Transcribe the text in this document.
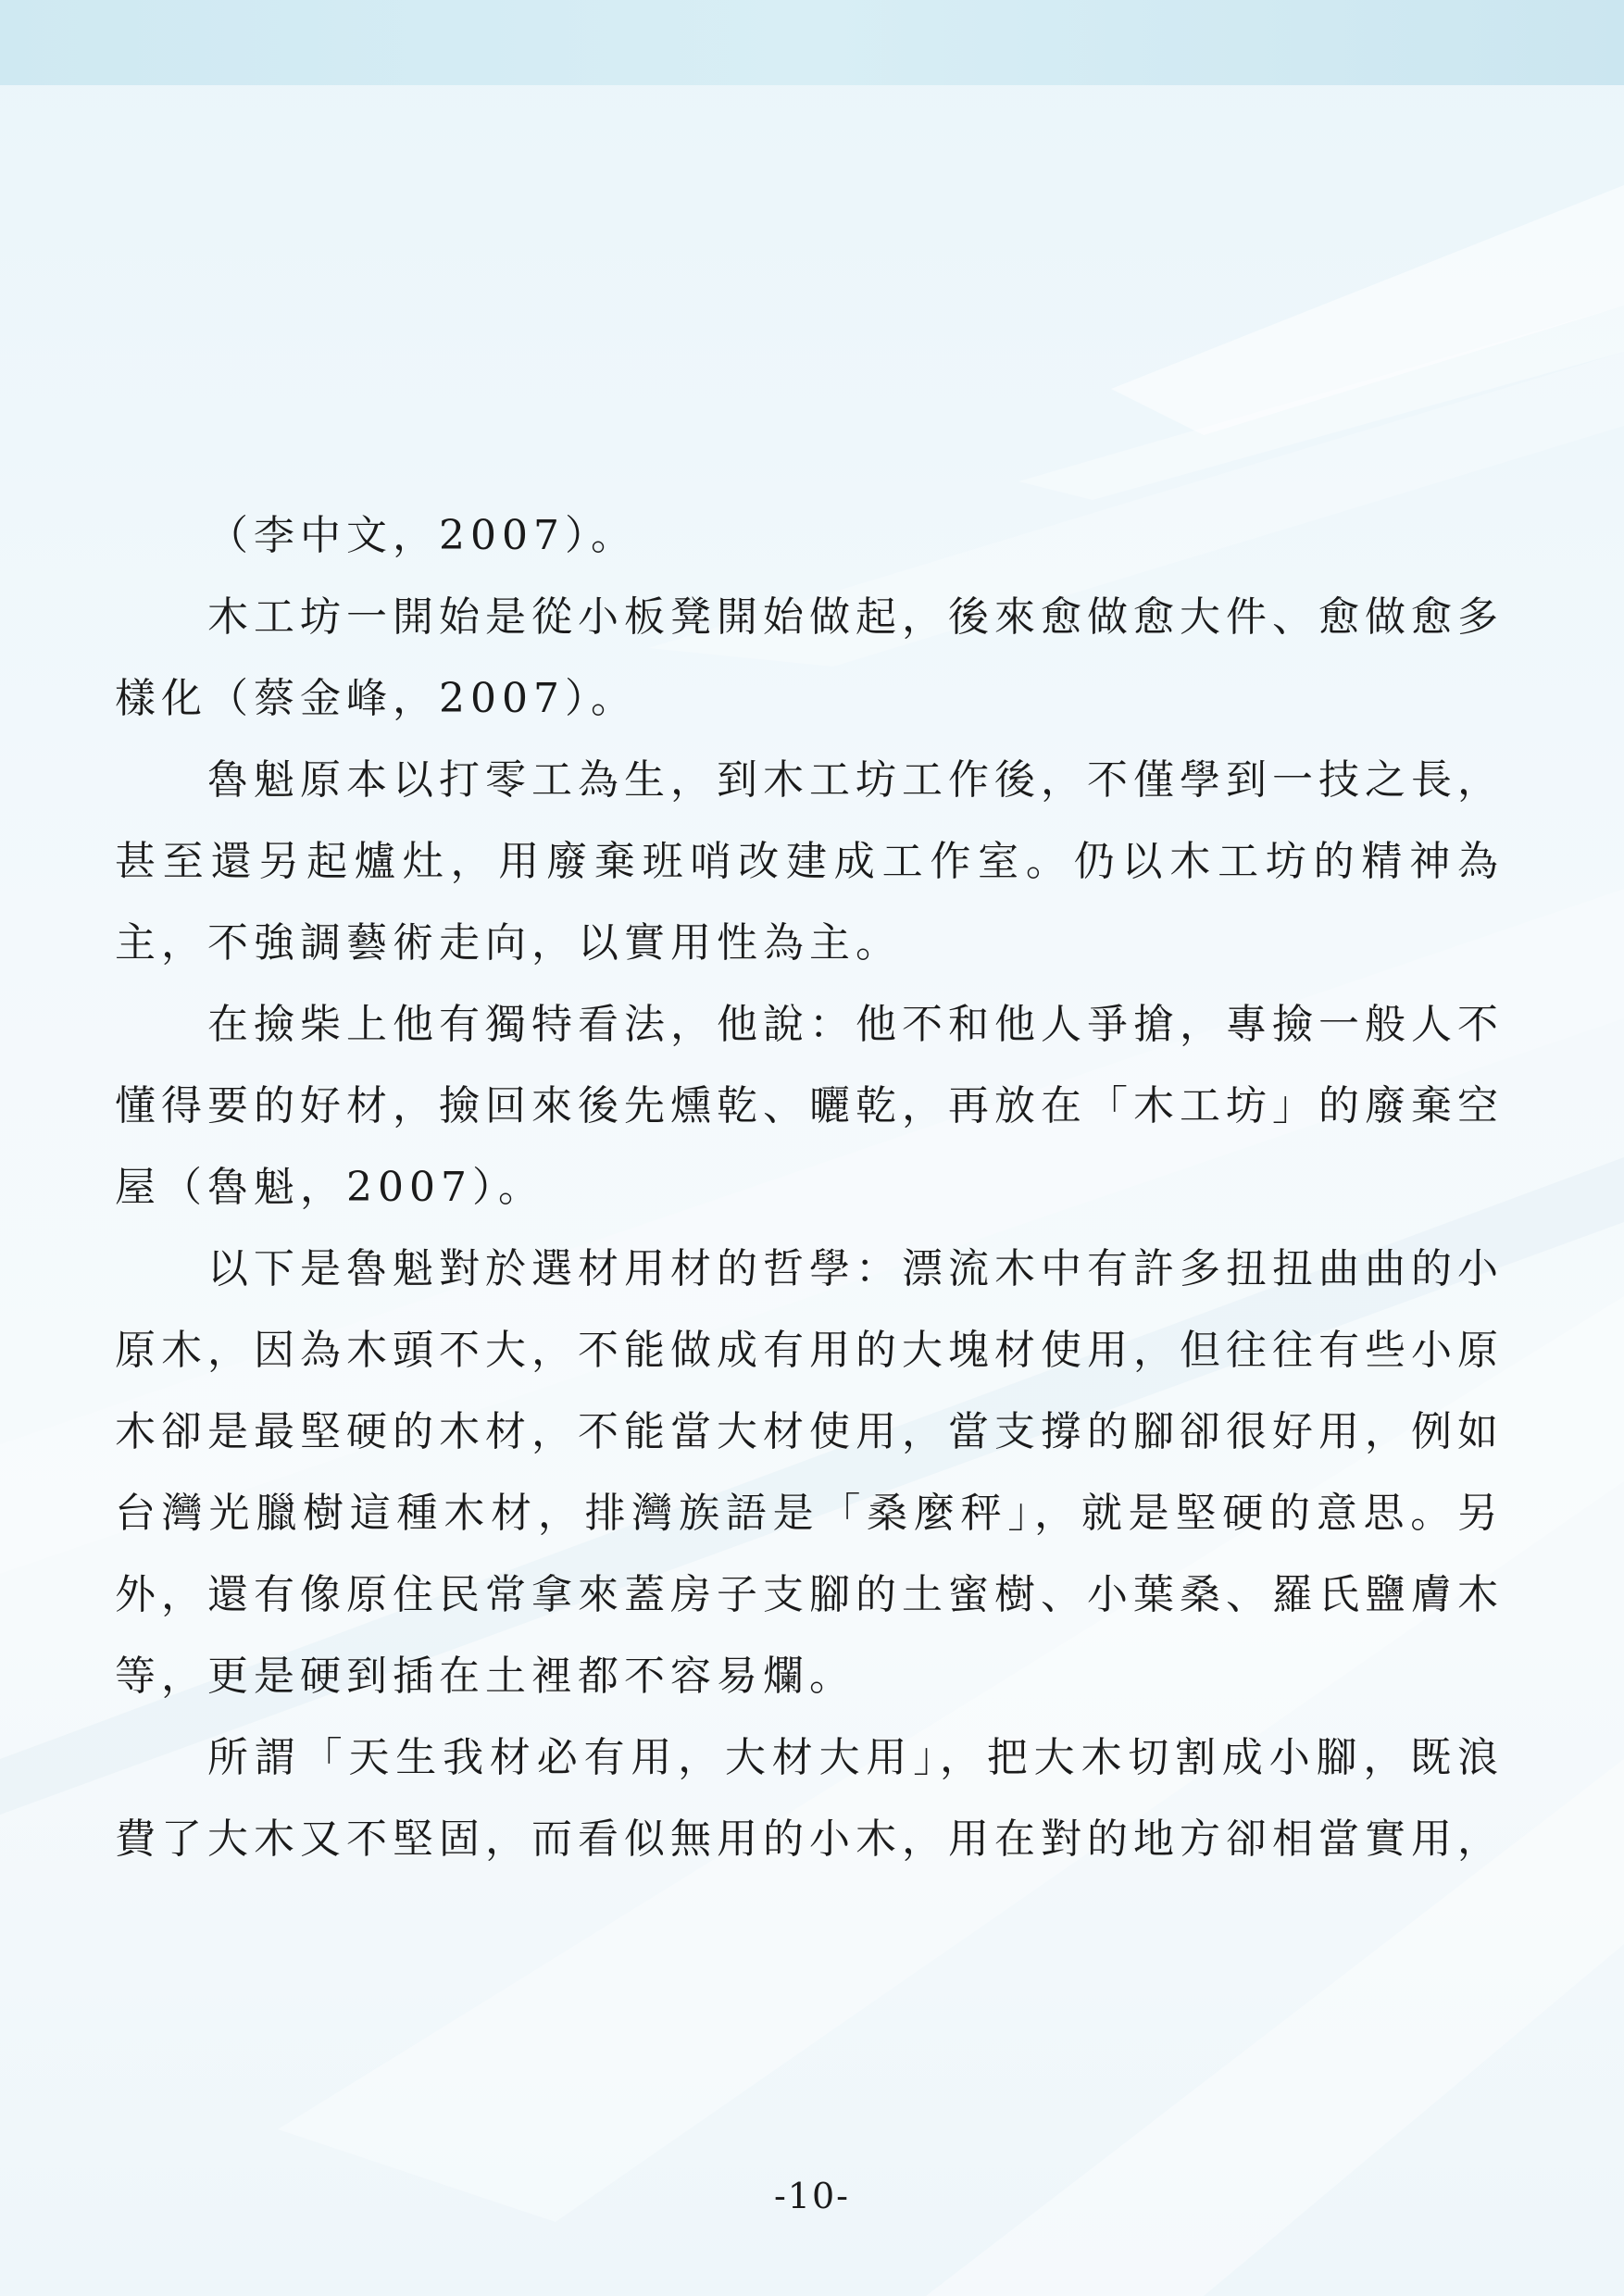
（李中文，2007）。

木工坊一開始是從小板凳開始做起，後來愈做愈大件、愈做愈多樣化（蔡金峰，2007）。

魯魁原本以打零工為生，到木工坊工作後，不僅學到一技之長，甚至還另起爐灶，用廢棄班哨改建成工作室。仍以木工坊的精神為主，不強調藝術走向，以實用性為主。

在撿柴上他有獨特看法，他說：他不和他人爭搶，專撿一般人不懂得要的好材，撿回來後先燻乾、曬乾，再放在「木工坊」的廢棄空屋（魯魁，2007）。

以下是魯魁對於選材用材的哲學：漂流木中有許多扭扭曲曲的小原木，因為木頭不大，不能做成有用的大塊材使用，但往往有些小原木卻是最堅硬的木材，不能當大材使用，當支撐的腳卻很好用，例如台灣光臘樹這種木材，排灣族語是「桑麼秤」，就是堅硬的意思。另外，還有像原住民常拿來蓋房子支腳的土蜜樹、小葉桑、羅氏鹽膚木等，更是硬到插在土裡都不容易爛。

所謂「天生我材必有用，大材大用」，把大木切割成小腳，既浪費了大木又不堅固，而看似無用的小木，用在對的地方卻相當實用，

-10-
